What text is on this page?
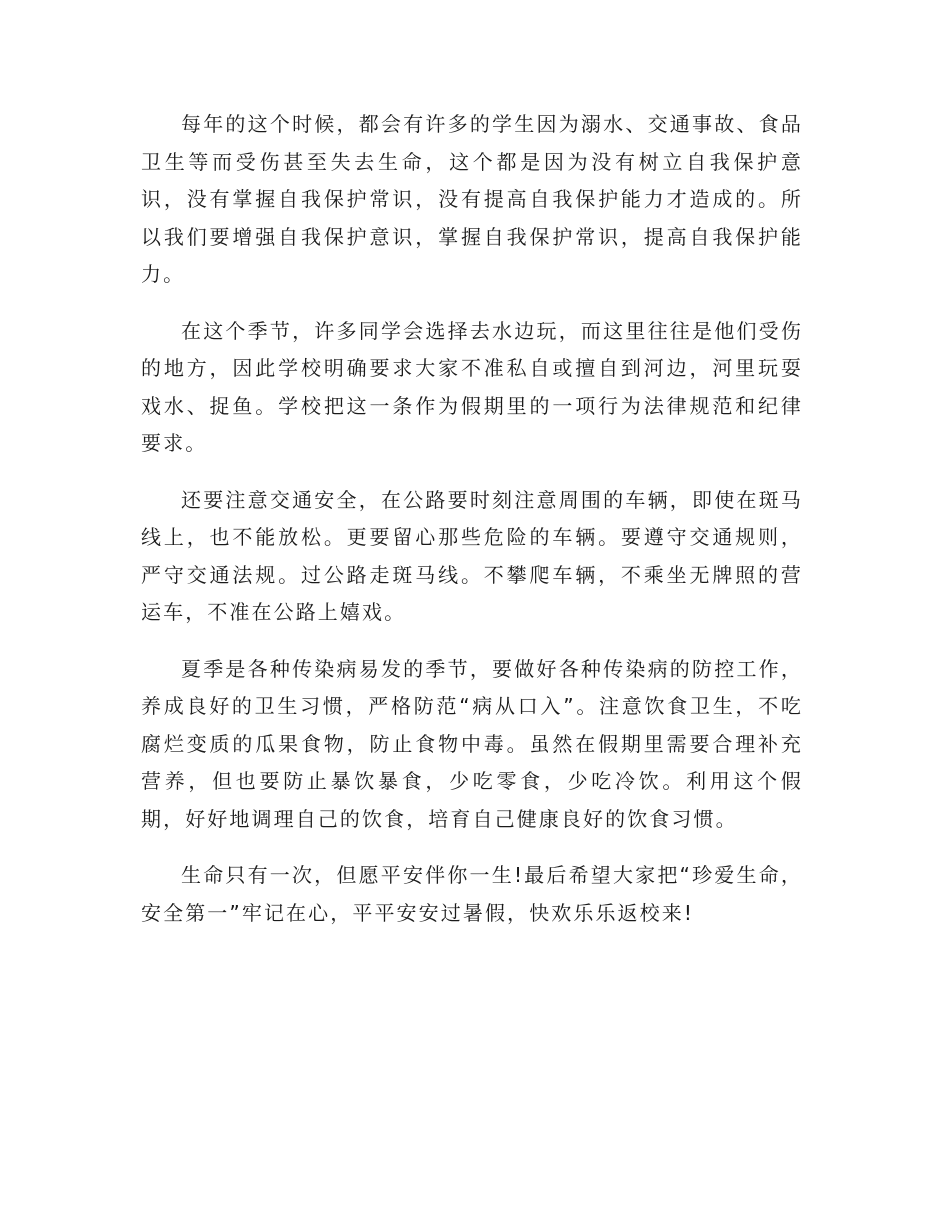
每年的这个时候，都会有许多的学生因为溺水、交通事故、食品卫生等而受伤甚至失去生命，这个都是因为没有树立自我保护意识，没有掌握自我保护常识，没有提高自我保护能力才造成的。所以我们要增强自我保护意识，掌握自我保护常识，提高自我保护能力。

在这个季节，许多同学会选择去水边玩，而这里往往是他们受伤的地方，因此学校明确要求大家不准私自或擅自到河边，河里玩耍戏水、捉鱼。学校把这一条作为假期里的一项行为法律规范和纪律要求。

还要注意交通安全，在公路要时刻注意周围的车辆，即使在斑马线上，也不能放松。更要留心那些危险的车辆。要遵守交通规则，严守交通法规。过公路走斑马线。不攀爬车辆，不乘坐无牌照的营运车，不准在公路上嬉戏。

夏季是各种传染病易发的季节，要做好各种传染病的防控工作，养成良好的卫生习惯，严格防范“病从口入”。注意饮食卫生，不吃腐烂变质的瓜果食物，防止食物中毒。虽然在假期里需要合理补充营养，但也要防止暴饮暴食，少吃零食，少吃冷饮。利用这个假期，好好地调理自己的饮食，培育自己健康良好的饮食习惯。

生命只有一次，但愿平安伴你一生!最后希望大家把“珍爱生命，安全第一”牢记在心，平平安安过暑假，快欢乐乐返校来!
